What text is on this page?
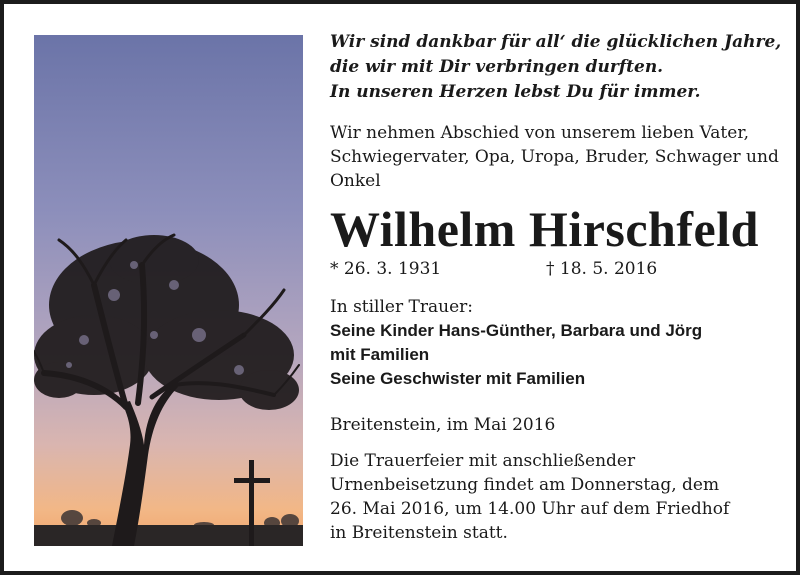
Wir sind dankbar für all‘ die glücklichen Jahre,
die wir mit Dir verbringen durften.
In unseren Herzen lebst Du für immer.

Wir nehmen Abschied von unserem lieben Vater,
Schwiegervater, Opa, Uropa, Bruder, Schwager und
Onkel

Wilhelm Hirschfeld
* 26. 3. 1931	† 18. 5. 2016

In stiller Trauer:

Seine Kinder Hans-Günther, Barbara und Jörg

mit Familien

Seine Geschwister mit Familien

Breitenstein, im Mai 2016

Die Trauerfeier mit anschließender
Urnenbeisetzung findet am Donnerstag, dem
26. Mai 2016, um 14.00 Uhr auf dem Friedhof
in Breitenstein statt.
